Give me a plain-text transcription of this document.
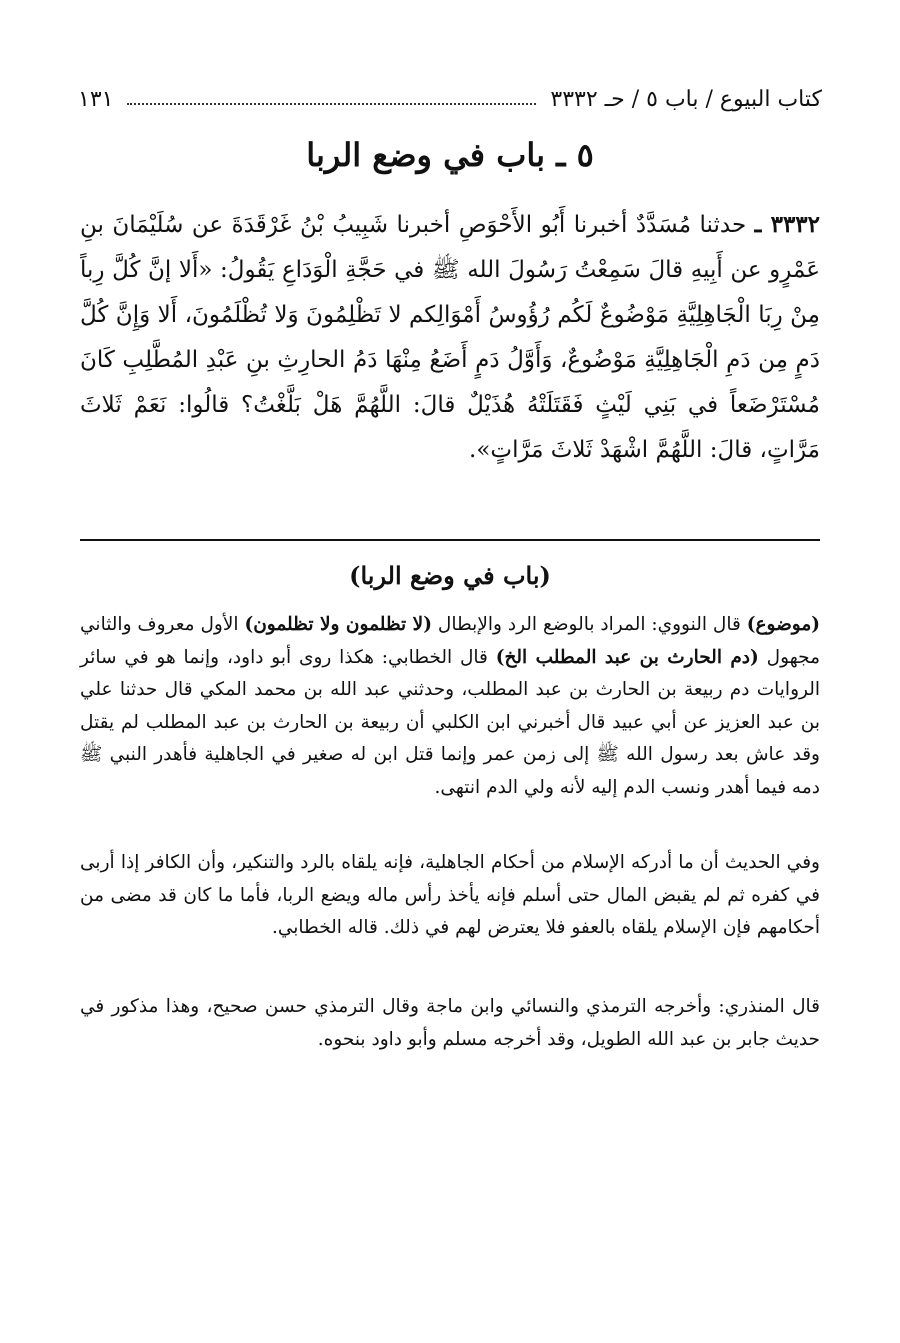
كتاب البيوع / باب ٥ / حـ ٣٣٣٢
١٣١
٥ ـ باب في وضع الربا

٣٣٣٢ ـ حدثنا مُسَدَّدٌ أخبرنا أَبُو الأَحْوَصِ أخبرنا شَبِيبُ بْنُ غَرْقَدَةَ عن سُلَيْمَانَ بنِ عَمْرٍو عن أَبِيهِ قالَ سَمِعْتُ رَسُولَ الله ﷺ في حَجَّةِ الْوَدَاعِ يَقُولُ: «أَلا إنَّ كُلَّ رِباً مِنْ رِبَا الْجَاهِلِيَّةِ مَوْضُوعٌ لَكُم رُؤُوسُ أَمْوَالِكم لا تَظْلِمُونَ وَلا تُظْلَمُونَ، أَلا وَإِنَّ كُلَّ دَمٍ مِن دَمِ الْجَاهِلِيَّةِ مَوْضُوعٌ، وَأَوَّلُ دَمٍ أَضَعُ مِنْهَا دَمُ الحارِثِ بنِ عَبْدِ المُطَّلِبِ كَانَ مُسْتَرْضَعاً في بَنِي لَيْثٍ فَقَتَلَتْهُ هُذَيْلٌ قالَ: اللَّهُمَّ هَلْ بَلَّغْتُ؟ قالُوا: نَعَمْ ثَلاثَ مَرَّاتٍ، قالَ: اللَّهُمَّ اشْهَدْ ثَلاثَ مَرَّاتٍ».

(باب في وضع الربا)

(موضوع) قال النووي: المراد بالوضع الرد والإبطال (لا تظلمون ولا تظلمون) الأول معروف والثاني مجهول (دم الحارث بن عبد المطلب الخ) قال الخطابي: هكذا روى أبو داود، وإنما هو في سائر الروايات دم ربيعة بن الحارث بن عبد المطلب، وحدثني عبد الله بن محمد المكي قال حدثنا علي بن عبد العزيز عن أبي عبيد قال أخبرني ابن الكلبي أن ربيعة بن الحارث بن عبد المطلب لم يقتل وقد عاش بعد رسول الله ﷺ إلى زمن عمر وإنما قتل ابن له صغير في الجاهلية فأهدر النبي ﷺ دمه فيما أهدر ونسب الدم إليه لأنه ولي الدم انتهى.

وفي الحديث أن ما أدركه الإسلام من أحكام الجاهلية، فإنه يلقاه بالرد والتنكير، وأن الكافر إذا أربى في كفره ثم لم يقبض المال حتى أسلم فإنه يأخذ رأس ماله ويضع الربا، فأما ما كان قد مضى من أحكامهم فإن الإسلام يلقاه بالعفو فلا يعترض لهم في ذلك. قاله الخطابي.

قال المنذري: وأخرجه الترمذي والنسائي وابن ماجة وقال الترمذي حسن صحيح، وهذا مذكور في حديث جابر بن عبد الله الطويل، وقد أخرجه مسلم وأبو داود بنحوه.
